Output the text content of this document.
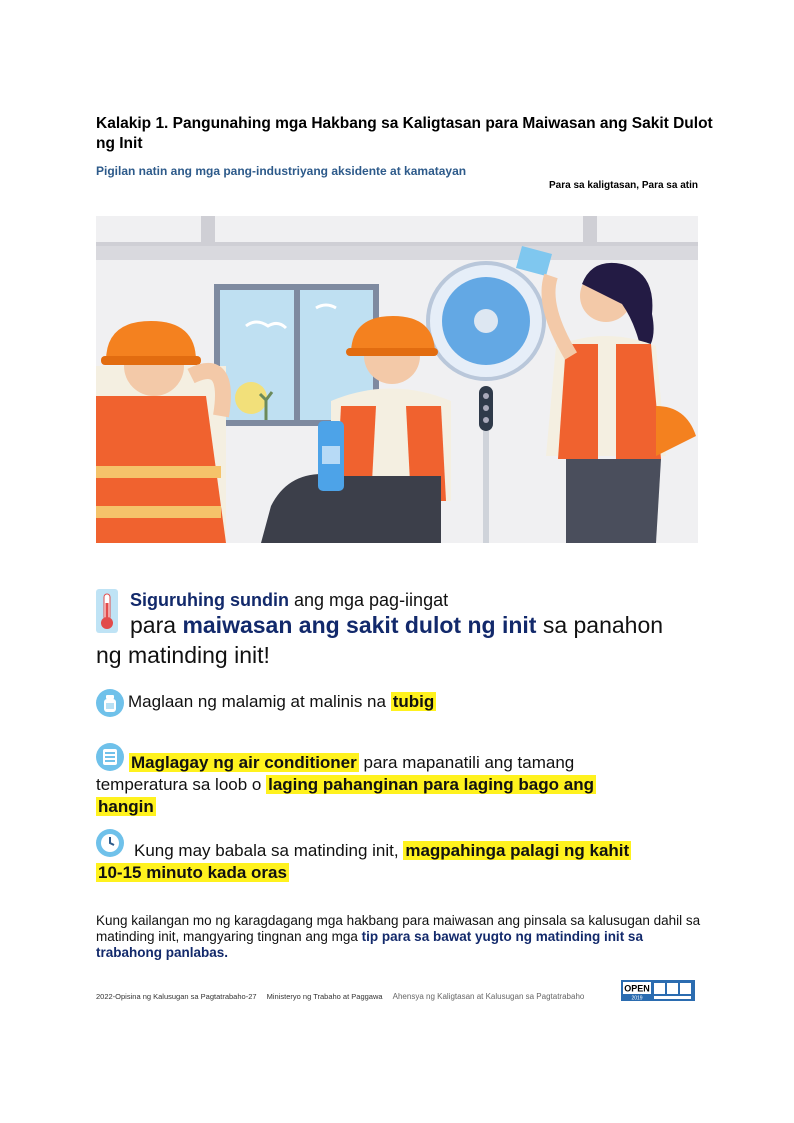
Kalakip 1. Pangunahing mga Hakbang sa Kaligtasan para Maiwasan ang Sakit Dulot ng Init
Pigilan natin ang mga pang-industriyang aksidente at kamatayan
Para sa kaligtasan, Para sa atin
Siguruhing sundin ang mga pag-iingat
para maiwasan ang sakit dulot ng init sa panahon
ng matinding init!
Maglaan ng malamig at malinis na tubig
Maglagay ng air conditioner para mapanatili ang tamang
temperatura sa loob o laging pahanginan para laging bago ang
hangin
Kung may babala sa matinding init, magpahinga palagi ng kahit
10-15 minuto kada oras
Kung kailangan mo ng karagdagang mga hakbang para maiwasan ang pinsala sa kalusugan dahil sa matinding init, mangyaring tingnan ang mga tip para sa bawat yugto ng matinding init sa trabahong panlabas.
2022-Opisina ng Kalusugan sa Pagtatrabaho-27 Ministeryo ng Trabaho at Paggawa Ahensya ng Kaligtasan at Kalusugan sa Pagtatrabaho
OPEN
2019
